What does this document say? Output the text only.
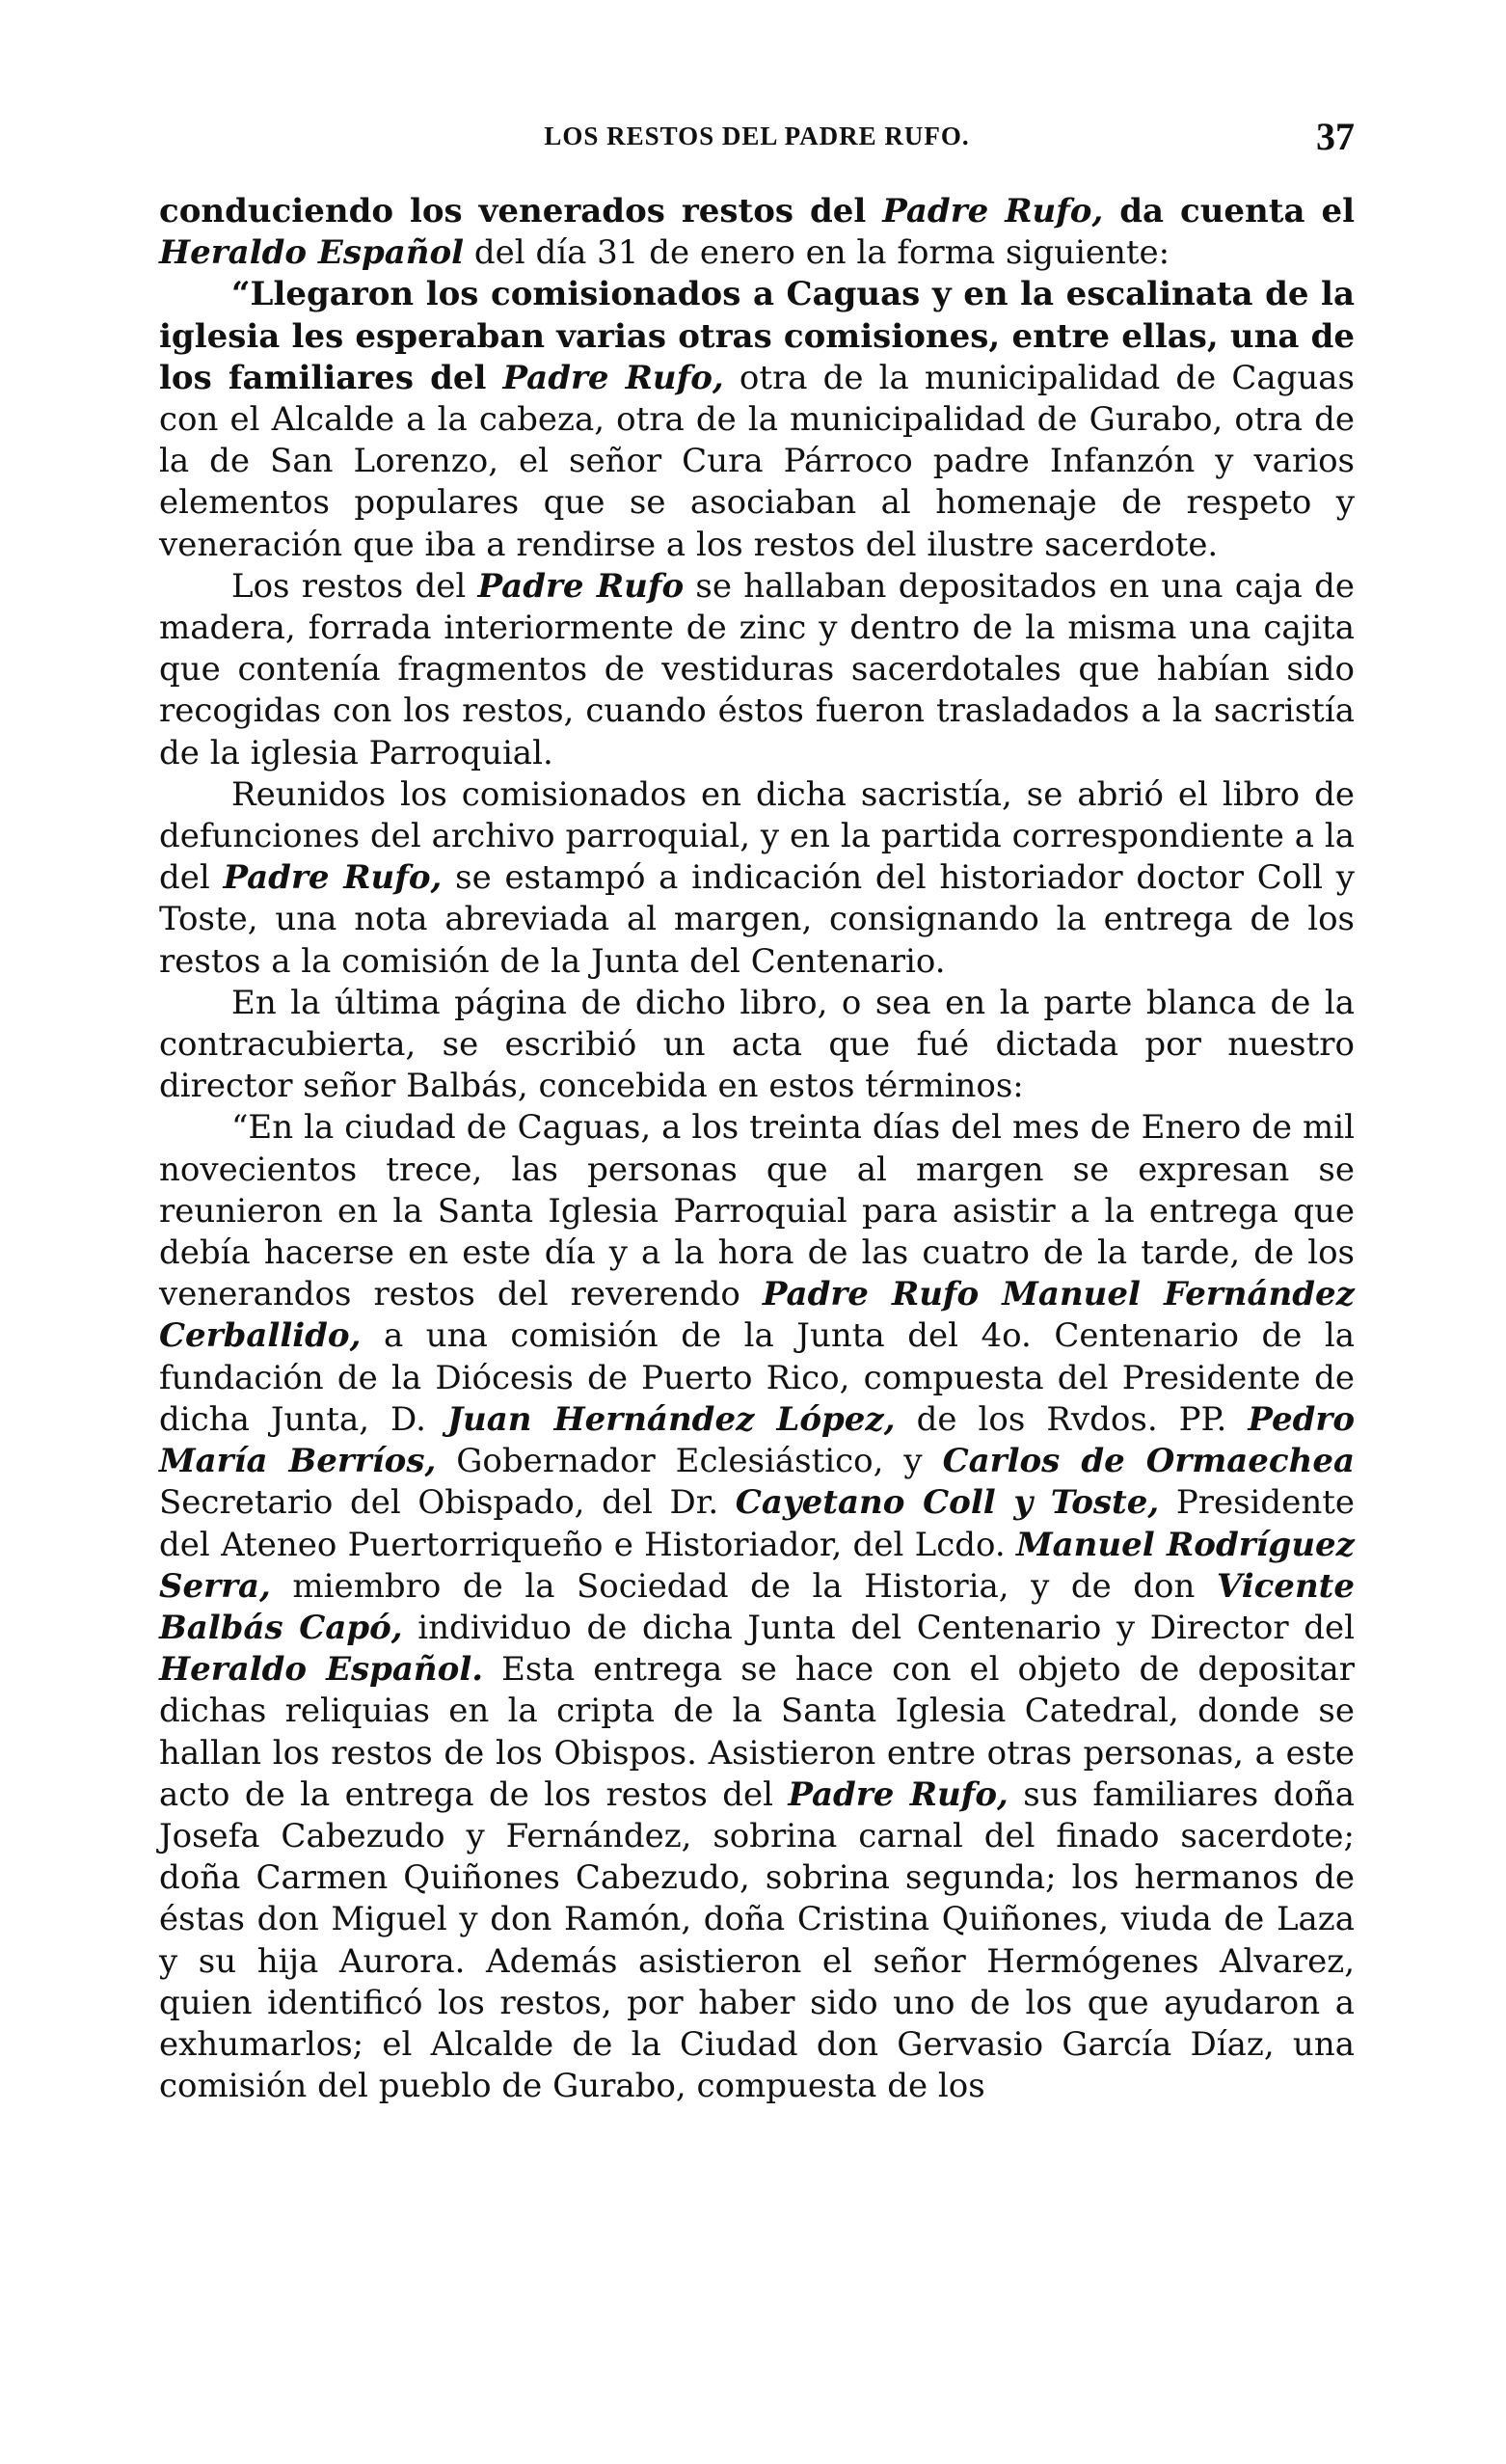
LOS RESTOS DEL PADRE RUFO.	37

conduciendo los venerados restos del Padre Rufo, da cuenta el Heraldo Español del día 31 de enero en la forma siguiente:

“Llegaron los comisionados a Caguas y en la escalinata de la iglesia les esperaban varias otras comisiones, entre ellas, una de los familiares del Padre Rufo, otra de la municipalidad de Caguas con el Alcalde a la cabeza, otra de la municipalidad de Gurabo, otra de la de San Lorenzo, el señor Cura Párroco padre Infanzón y varios elementos populares que se asociaban al homenaje de respeto y veneración que iba a rendirse a los restos del ilustre sacerdote.

Los restos del Padre Rufo se hallaban depositados en una caja de madera, forrada interiormente de zinc y dentro de la misma una cajita que contenía fragmentos de vestiduras sacerdotales que habían sido recogidas con los restos, cuando éstos fueron trasladados a la sacristía de la iglesia Parroquial.

Reunidos los comisionados en dicha sacristía, se abrió el libro de defunciones del archivo parroquial, y en la partida correspondiente a la del Padre Rufo, se estampó a indicación del historiador doctor Coll y Toste, una nota abreviada al margen, consignando la entrega de los restos a la comisión de la Junta del Centenario.

En la última página de dicho libro, o sea en la parte blanca de la contracubierta, se escribió un acta que fué dictada por nuestro director señor Balbás, concebida en estos términos:

“En la ciudad de Caguas, a los treinta días del mes de Enero de mil novecientos trece, las personas que al margen se expresan se reunieron en la Santa Iglesia Parroquial para asistir a la entrega que debía hacerse en este día y a la hora de las cuatro de la tarde, de los venerandos restos del reverendo Padre Rufo Manuel Fernández Cerballido, a una comisión de la Junta del 4o. Centenario de la fundación de la Diócesis de Puerto Rico, compuesta del Presidente de dicha Junta, D. Juan Hernández López, de los Rvdos. PP. Pedro María Berríos, Gobernador Eclesiástico, y Carlos de Ormaechea Secretario del Obispado, del Dr. Cayetano Coll y Toste, Presidente del Ateneo Puertorriqueño e Historiador, del Lcdo. Manuel Rodríguez Serra, miembro de la Sociedad de la Historia, y de don Vicente Balbás Capó, individuo de dicha Junta del Centenario y Director del Heraldo Español. Esta entrega se hace con el objeto de depositar dichas reliquias en la cripta de la Santa Iglesia Catedral, donde se hallan los restos de los Obispos. Asistieron entre otras personas, a este acto de la entrega de los restos del Padre Rufo, sus familiares doña Josefa Cabezudo y Fernández, sobrina carnal del finado sacerdote; doña Carmen Quiñones Cabezudo, sobrina segunda; los hermanos de éstas don Miguel y don Ramón, doña Cristina Quiñones, viuda de Laza y su hija Aurora. Además asistieron el señor Hermógenes Alvarez, quien identificó los restos, por haber sido uno de los que ayudaron a exhumarlos; el Alcalde de la Ciudad don Gervasio García Díaz, una comisión del pueblo de Gurabo, compuesta de los
